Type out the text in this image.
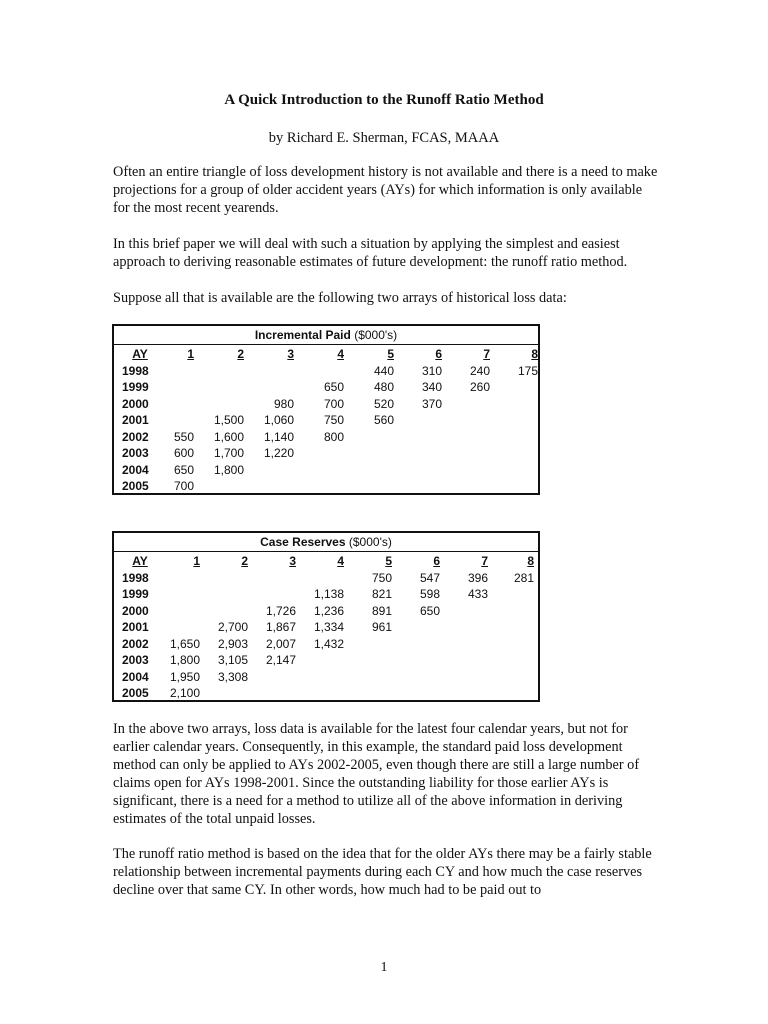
A Quick Introduction to the Runoff Ratio Method
by Richard E. Sherman, FCAS, MAAA

Often an entire triangle of loss development history is not available and there is a need to make projections for a group of older accident years (AYs) for which information is only available for the most recent yearends.

In this brief paper we will deal with such a situation by applying the simplest and easiest approach to deriving reasonable estimates of future development: the runoff ratio method.

Suppose all that is available are the following two arrays of historical loss data:

Incremental Paid ($000's)
AY	1	2	3	4	5	6	7	8
1998					440	310	240	175
1999				650	480	340	260	
2000			980	700	520	370		
2001		1,500	1,060	750	560			
2002	550	1,600	1,140	800				
2003	600	1,700	1,220					
2004	650	1,800						
2005	700							
Case Reserves ($000's)
AY	1	2	3	4	5	6	7	8
1998					750	547	396	281
1999				1,138	821	598	433	
2000			1,726	1,236	891	650		
2001		2,700	1,867	1,334	961			
2002	1,650	2,903	2,007	1,432				
2003	1,800	3,105	2,147					
2004	1,950	3,308						
2005	2,100							

In the above two arrays, loss data is available for the latest four calendar years, but not for earlier calendar years. Consequently, in this example, the standard paid loss development method can only be applied to AYs 2002-2005, even though there are still a large number of claims open for AYs 1998-2001. Since the outstanding liability for those earlier AYs is significant, there is a need for a method to utilize all of the above information in deriving estimates of the total unpaid losses.

The runoff ratio method is based on the idea that for the older AYs there may be a fairly stable relationship between incremental payments during each CY and how much the case reserves decline over that same CY. In other words, how much had to be paid out to

1
